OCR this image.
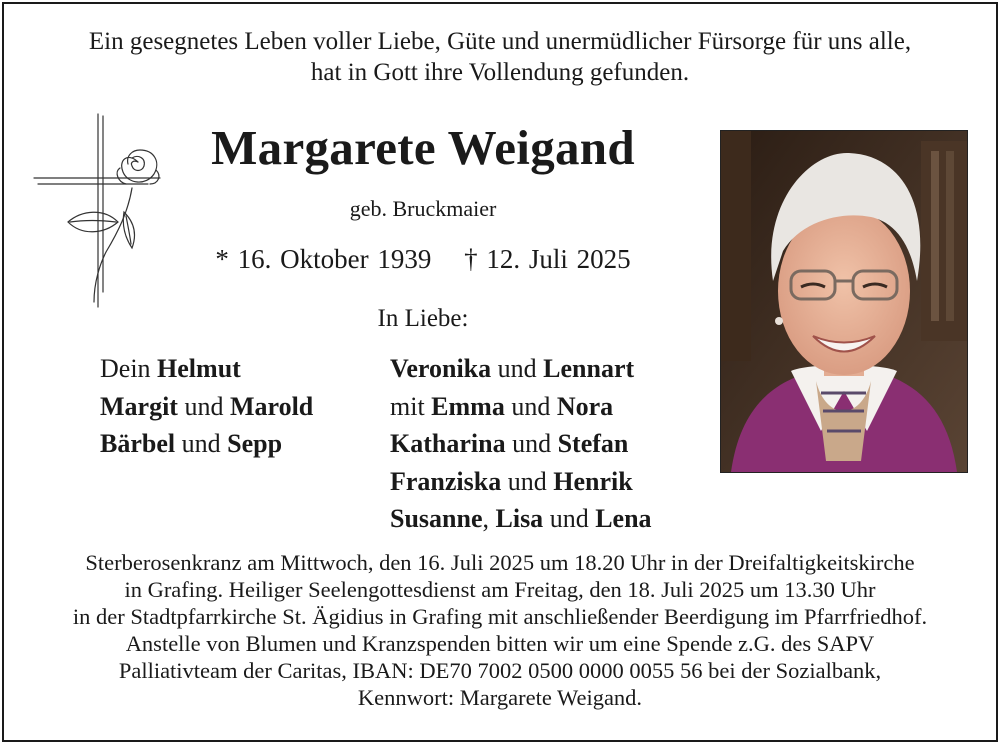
Ein gesegnetes Leben voller Liebe, Güte und unermüdlicher Fürsorge für uns alle,
hat in Gott ihre Vollendung gefunden.
Margarete Weigand
geb. Bruckmaier
* 16. Oktober 1939 † 12. Juli 2025
In Liebe:
Dein Helmut
Margit und Marold
Bärbel und Sepp
Veronika und Lennart
mit Emma und Nora
Katharina und Stefan
Franziska und Henrik
Susanne, Lisa und Lena
Sterberosenkranz am Mittwoch, den 16. Juli 2025 um 18.20 Uhr in der Dreifaltigkeitskirche
in Grafing. Heiliger Seelengottesdienst am Freitag, den 18. Juli 2025 um 13.30 Uhr
in der Stadtpfarrkirche St. Ägidius in Grafing mit anschließender Beerdigung im Pfarrfriedhof.
Anstelle von Blumen und Kranzspenden bitten wir um eine Spende z.G. des SAPV
Palliativteam der Caritas, IBAN: DE70 7002 0500 0000 0055 56 bei der Sozialbank,
Kennwort: Margarete Weigand.
